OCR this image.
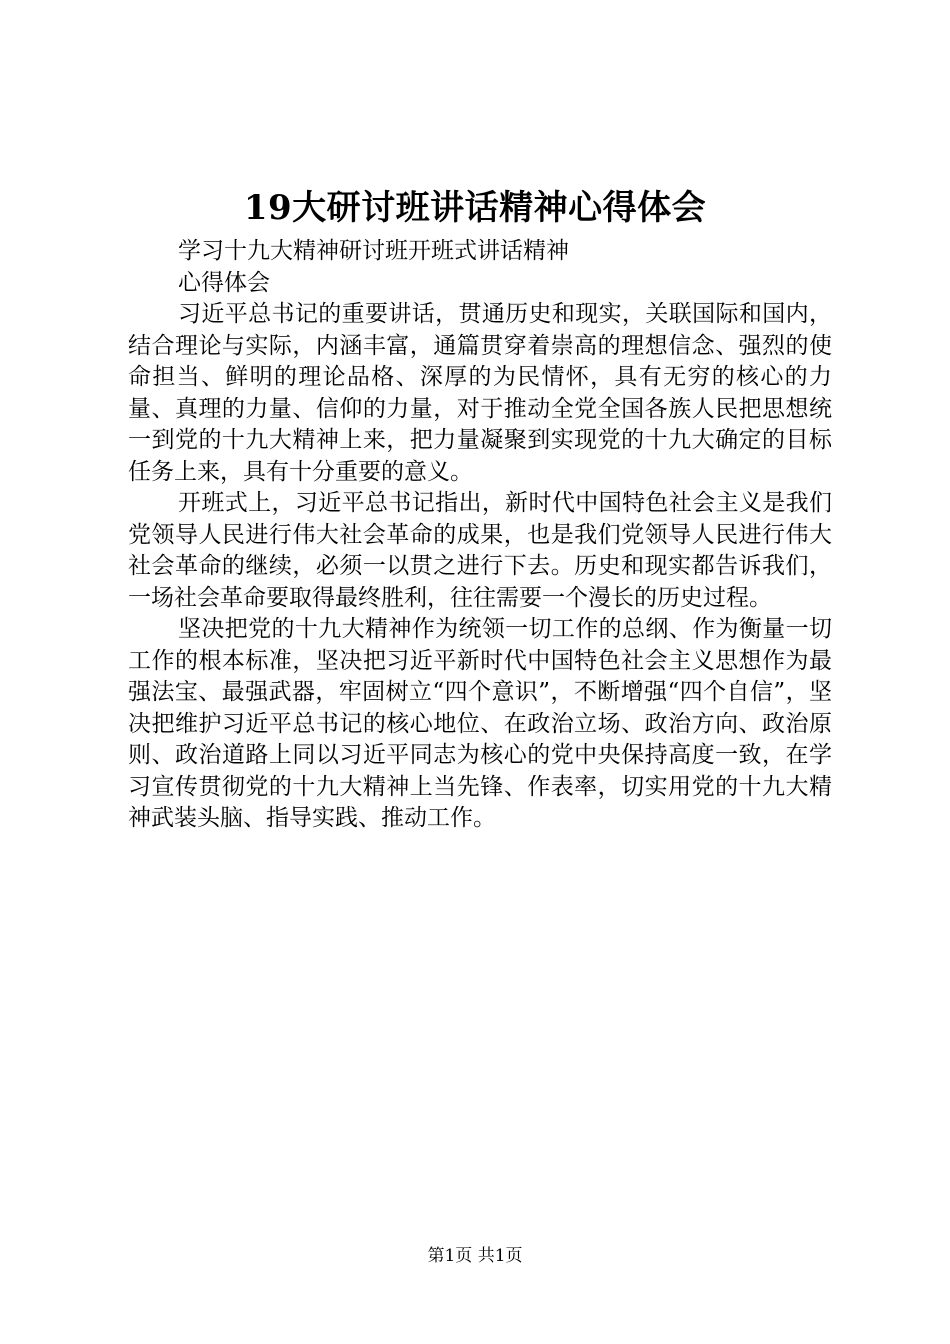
19大研讨班讲话精神心得体会

学习十九大精神研讨班开班式讲话精神

心得体会

习近平总书记的重要讲话，贯通历史和现实，关联国际和国内，结合理论与实际，内涵丰富，通篇贯穿着崇高的理想信念、强烈的使命担当、鲜明的理论品格、深厚的为民情怀，具有无穷的核心的力量、真理的力量、信仰的力量，对于推动全党全国各族人民把思想统一到党的十九大精神上来，把力量凝聚到实现党的十九大确定的目标任务上来，具有十分重要的意义。

开班式上，习近平总书记指出，新时代中国特色社会主义是我们党领导人民进行伟大社会革命的成果，也是我们党领导人民进行伟大社会革命的继续，必须一以贯之进行下去。历史和现实都告诉我们，一场社会革命要取得最终胜利，往往需要一个漫长的历史过程。

坚决把党的十九大精神作为统领一切工作的总纲、作为衡量一切工作的根本标准，坚决把习近平新时代中国特色社会主义思想作为最强法宝、最强武器，牢固树立“四个意识”，不断增强“四个自信”，坚决把维护习近平总书记的核心地位、在政治立场、政治方向、政治原则、政治道路上同以习近平同志为核心的党中央保持高度一致，在学习宣传贯彻党的十九大精神上当先锋、作表率，切实用党的十九大精神武装头脑、指导实践、推动工作。

第1页 共1页
